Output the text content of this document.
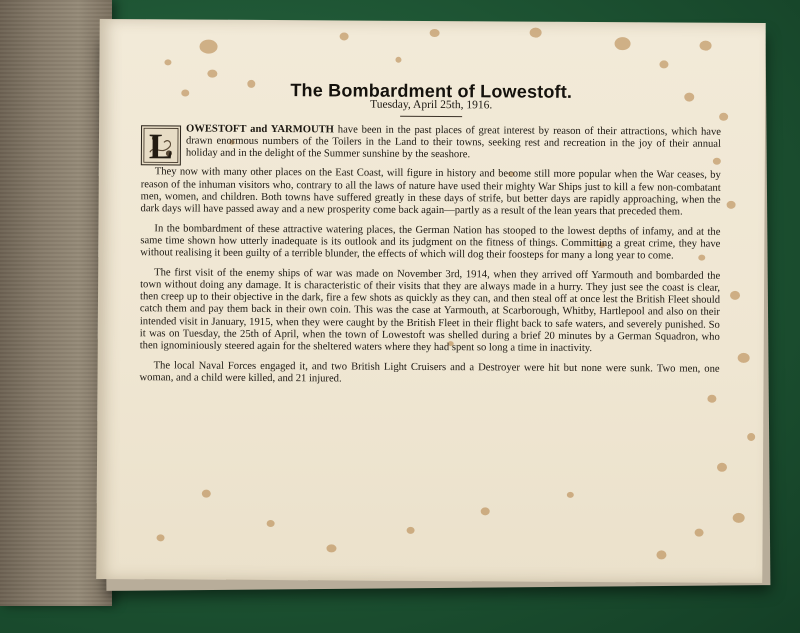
The Bombardment of Lowestoft.
Tuesday, April 25th, 1916.

L	OWESTOFT and YARMOUTH have been in the past places of great interest by reason of their attractions, which have drawn enormous numbers of the Toilers in the Land to their towns, seeking rest and recreation in the joy of their annual holiday and in the delight of the Summer sunshine by the seashore.

They now with many other places on the East Coast, will figure in history and become still more popular when the War ceases, by reason of the inhuman visitors who, contrary to all the laws of nature have used their mighty War Ships just to kill a few non-combatant men, women, and children. Both towns have suffered greatly in these days of strife, but better days are rapidly approaching, when the dark days will have passed away and a new prosperity come back again—partly as a result of the lean years that preceded them.

In the bombardment of these attractive watering places, the German Nation has stooped to the lowest depths of infamy, and at the same time shown how utterly inadequate is its outlook and its judgment on the fitness of things. Committing a great crime, they have without realising it been guilty of a terrible blunder, the effects of which will dog their foosteps for many a long year to come.

The first visit of the enemy ships of war was made on November 3rd, 1914, when they arrived off Yarmouth and bombarded the town without doing any damage. It is characteristic of their visits that they are always made in a hurry. They just see the coast is clear, then creep up to their objective in the dark, fire a few shots as quickly as they can, and then steal off at once lest the British Fleet should catch them and pay them back in their own coin. This was the case at Yarmouth, at Scarborough, Whitby, Hartlepool and also on their intended visit in January, 1915, when they were caught by the British Fleet in their flight back to safe waters, and severely punished. So it was on Tuesday, the 25th of April, when the town of Lowestoft was shelled during a brief 20 minutes by a German Squadron, who then ignominiously steered again for the sheltered waters where they had spent so long a time in inactivity.

The local Naval Forces engaged it, and two British Light Cruisers and a Destroyer were hit but none were sunk. Two men, one woman, and a child were killed, and 21 injured.
